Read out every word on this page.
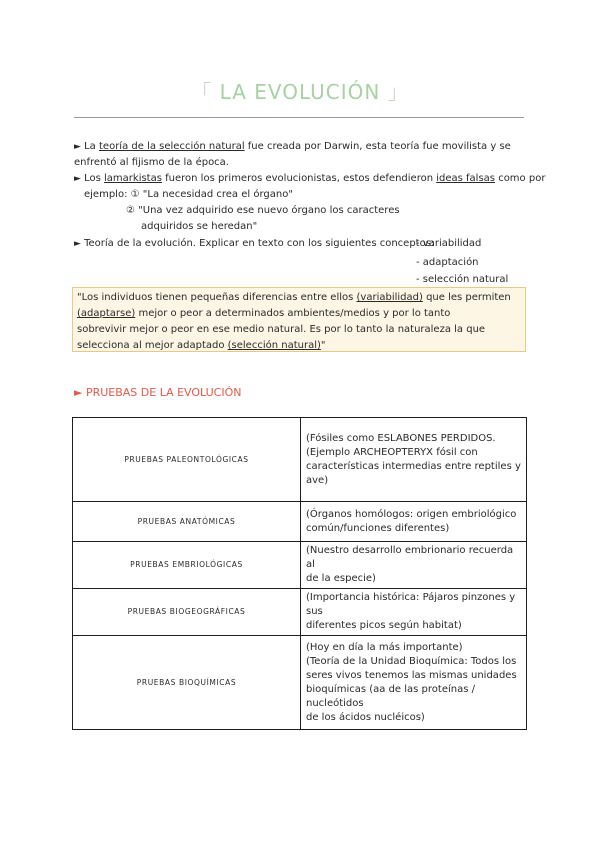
「 LA EVOLUCIÓN 」
► La teoría de la selección natural fue creada por Darwin, esta teoría fue movilista y se
enfrentó al fijismo de la época.
► Los lamarkistas fueron los primeros evolucionistas, estos defendieron ideas falsas como por
ejemplo: ① "La necesidad crea el órgano"
② "Una vez adquirido ese nuevo órgano los caracteres
adquiridos se heredan"
► Teoría de la evolución. Explicar en texto con los siguientes conceptos:
- variabilidad
- adaptación
- selección natural
"Los individuos tienen pequeñas diferencias entre ellos (variabilidad) que les permiten
(adaptarse) mejor o peor a determinados ambientes/medios y por lo tanto
sobrevivir mejor o peor en ese medio natural. Es por lo tanto la naturaleza la que
selecciona al mejor adaptado (selección natural)"
► PRUEBAS DE LA EVOLUCIÓN
PRUEBAS PALEONTOLÓGICAS	(Fósiles como ESLABONES PERDIDOS.
(Ejemplo ARCHEOPTERYX fósil con
características intermedias entre reptiles y
ave)

PRUEBAS ANATÓMICAS	(Órganos homólogos: origen embriológico
común/funciones diferentes)

PRUEBAS EMBRIOLÓGICAS	(Nuestro desarrollo embrionario recuerda al
de la especie)

PRUEBAS BIOGEOGRÁFICAS	(Importancia histórica: Pájaros pinzones y sus
diferentes picos según habitat)

PRUEBAS BIOQUÍMICAS	(Hoy en día la más importante)
(Teoría de la Unidad Bioquímica: Todos los
seres vivos tenemos las mismas unidades
bioquímicas (aa de las proteínas / nucleótidos
de los ácidos nucléicos)
